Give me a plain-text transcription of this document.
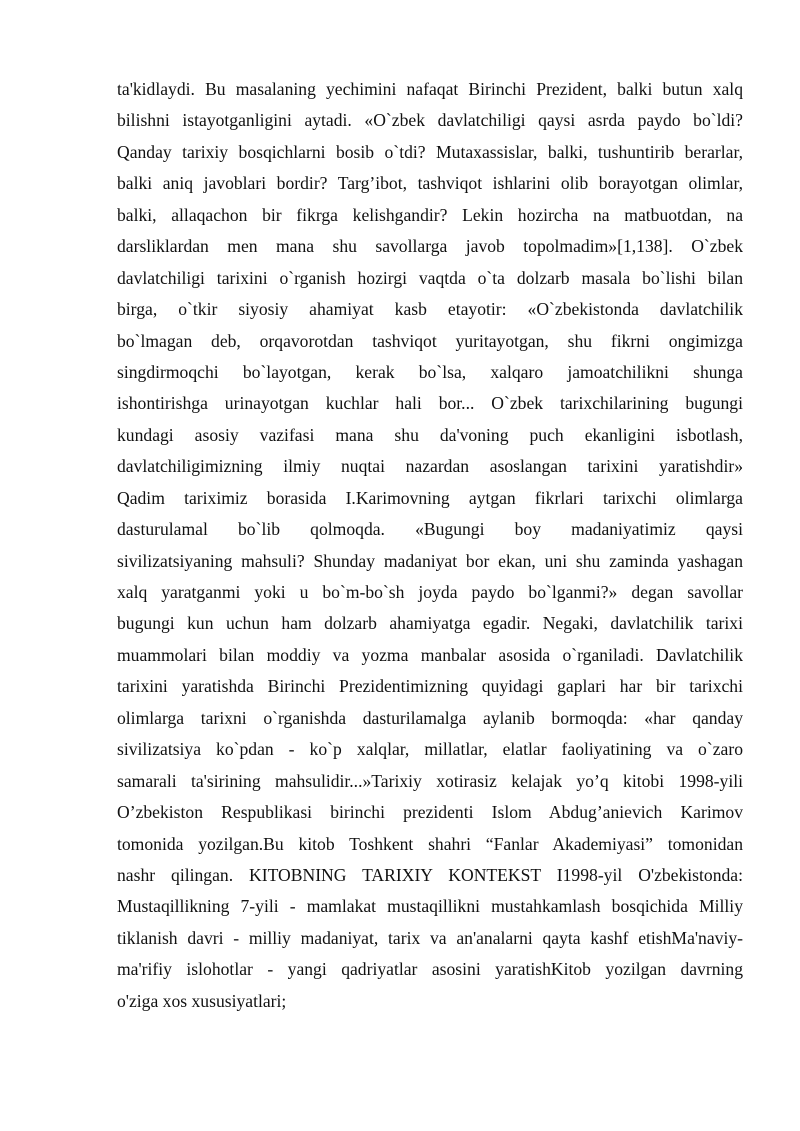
ta'kidlaydi. Bu masalaning yechimini nafaqat Birinchi Prezident, balki butun xalq
bilishni istayotganligini aytadi. «O`zbek davlatchiligi qaysi asrda paydo bo`ldi?
Qanday tarixiy bosqichlarni bosib o`tdi? Mutaxassislar, balki, tushuntirib berarlar,
balki aniq javoblari bordir? Targ’ibot, tashviqot ishlarini olib borayotgan olimlar,
balki, allaqachon bir fikrga kelishgandir? Lekin hozircha na matbuotdan, na
darsliklardan men mana shu savollarga javob topolmadim»[1,138]. O`zbek
davlatchiligi tarixini o`rganish hozirgi vaqtda o`ta dolzarb masala bo`lishi bilan
birga, o`tkir siyosiy ahamiyat kasb etayotir: «O`zbekistonda davlatchilik
bo`lmagan deb, orqavorotdan tashviqot yuritayotgan, shu fikrni ongimizga
singdirmoqchi bo`layotgan, kerak bo`lsa, xalqaro jamoatchilikni shunga
ishontirishga urinayotgan kuchlar hali bor... O`zbek tarixchilarining bugungi
kundagi asosiy vazifasi mana shu da'voning puch ekanligini isbotlash,
davlatchiligimizning ilmiy nuqtai nazardan asoslangan tarixini yaratishdir»
Qadim tariximiz borasida I.Karimovning aytgan fikrlari tarixchi olimlarga
dasturulamal bo`lib qolmoqda. «Bugungi boy madaniyatimiz qaysi
sivilizatsiyaning mahsuli? Shunday madaniyat bor ekan, uni shu zaminda yashagan
xalq yaratganmi yoki u bo`m-bo`sh joyda paydo bo`lganmi?» degan savollar
bugungi kun uchun ham dolzarb ahamiyatga egadir. Negaki, davlatchilik tarixi
muammolari bilan moddiy va yozma manbalar asosida o`rganiladi. Davlatchilik
tarixini yaratishda Birinchi Prezidentimizning quyidagi gaplari har bir tarixchi
olimlarga tarixni o`rganishda dasturilamalga aylanib bormoqda: «har qanday
sivilizatsiya ko`pdan - ko`p xalqlar, millatlar, elatlar faoliyatining va o`zaro
samarali ta'sirining mahsulidir...»Tarixiy xotirasiz kelajak yo’q kitobi 1998-yili
O’zbekiston Respublikasi birinchi prezidenti Islom Abdug’anievich Karimov
tomonida yozilgan.Bu kitob Toshkent shahri “Fanlar Akademiyasi” tomonidan
nashr qilingan. KITOBNING TARIXIY KONTEKST I1998-yil O'zbekistonda:
Mustaqillikning 7-yili - mamlakat mustaqillikni mustahkamlash bosqichida Milliy
tiklanish davri - milliy madaniyat, tarix va an'analarni qayta kashf etishMa'naviy-
ma'rifiy islohotlar - yangi qadriyatlar asosini yaratishKitob yozilgan davrning
o'ziga xos xususiyatlari;
